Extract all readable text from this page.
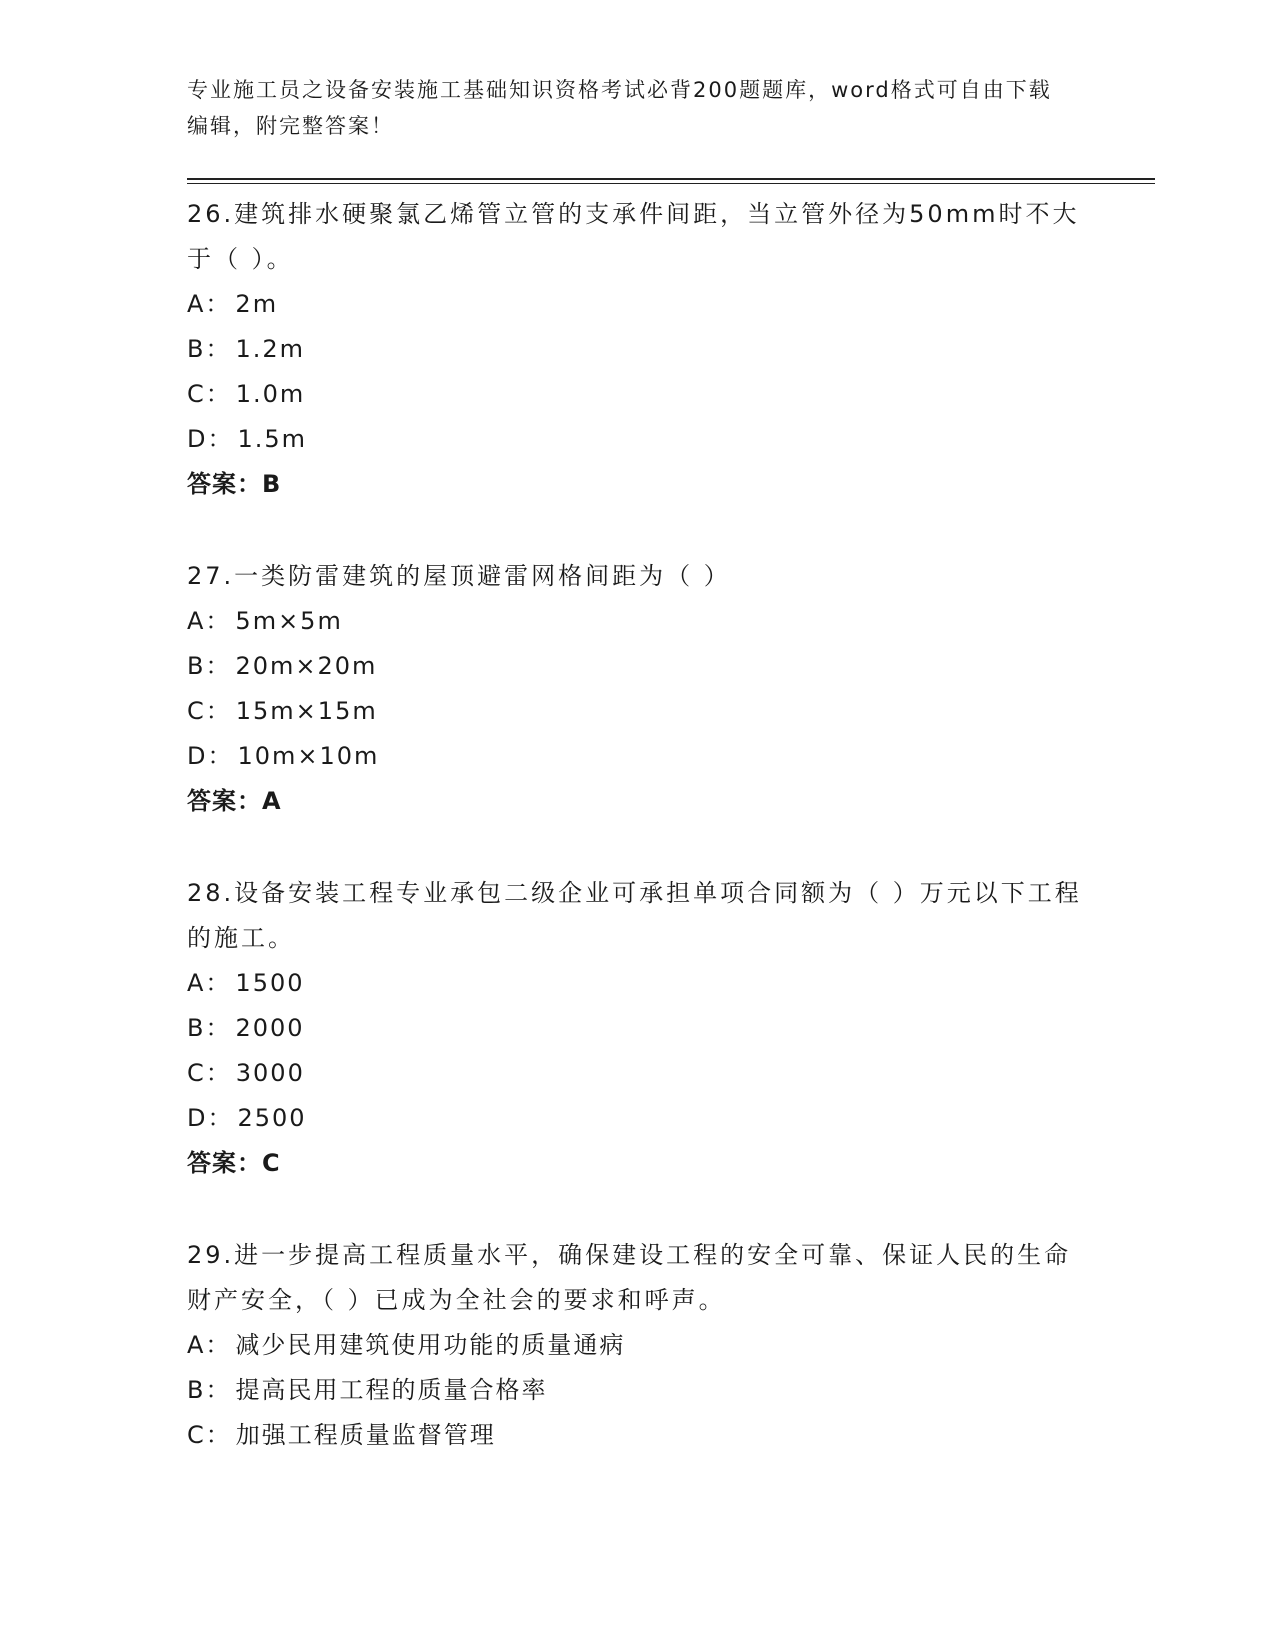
专业施工员之设备安装施工基础知识资格考试必背200题题库，word格式可自由下载编辑，附完整答案！
26.建筑排水硬聚氯乙烯管立管的支承件间距，当立管外径为50mm时不大于（ ）。
A： 2m
B： 1.2m
C： 1.0m
D： 1.5m
答案：B
27.一类防雷建筑的屋顶避雷网格间距为（ ）
A： 5m×5m
B： 20m×20m
C： 15m×15m
D： 10m×10m
答案：A
28.设备安装工程专业承包二级企业可承担单项合同额为（ ）万元以下工程的施工。
A： 1500
B： 2000
C： 3000
D： 2500
答案：C
29.进一步提高工程质量水平，确保建设工程的安全可靠、保证人民的生命财产安全，（ ）已成为全社会的要求和呼声。
A： 减少民用建筑使用功能的质量通病
B： 提高民用工程的质量合格率
C： 加强工程质量监督管理
